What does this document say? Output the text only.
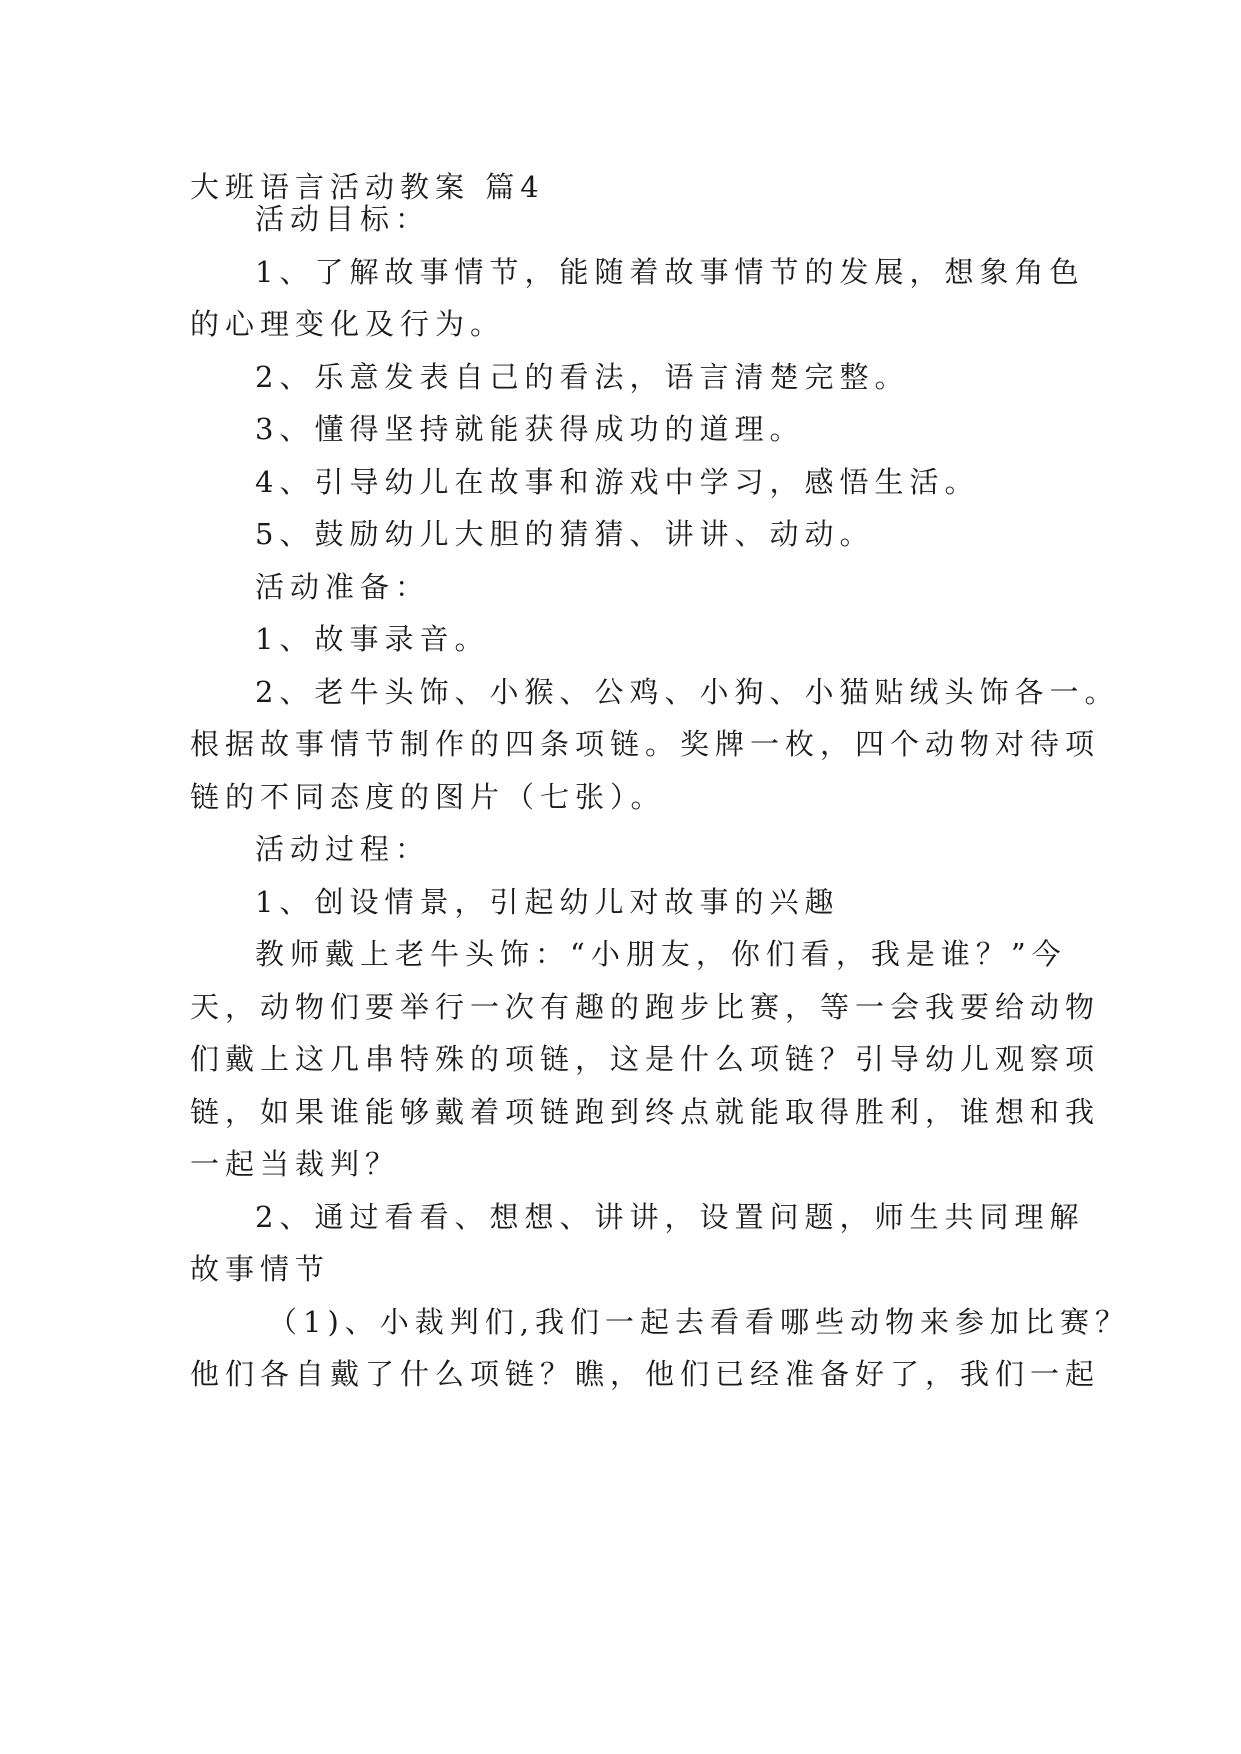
大班语言活动教案 篇4
活动目标：
1、了解故事情节，能随着故事情节的发展，想象角色
的心理变化及行为。
2、乐意发表自己的看法，语言清楚完整。
3、懂得坚持就能获得成功的道理。
4、引导幼儿在故事和游戏中学习，感悟生活。
5、鼓励幼儿大胆的猜猜、讲讲、动动。
活动准备：
1、故事录音。
2、老牛头饰、小猴、公鸡、小狗、小猫贴绒头饰各一。
根据故事情节制作的四条项链。奖牌一枚，四个动物对待项
链的不同态度的图片（七张）。
活动过程：
1、创设情景，引起幼儿对故事的兴趣
教师戴上老牛头饰：“小朋友，你们看，我是谁？”今
天，动物们要举行一次有趣的跑步比赛，等一会我要给动物
们戴上这几串特殊的项链，这是什么项链？引导幼儿观察项
链，如果谁能够戴着项链跑到终点就能取得胜利，谁想和我
一起当裁判？
2、通过看看、想想、讲讲，设置问题，师生共同理解
故事情节
（1)、小裁判们,我们一起去看看哪些动物来参加比赛？
他们各自戴了什么项链？瞧，他们已经准备好了，我们一起
